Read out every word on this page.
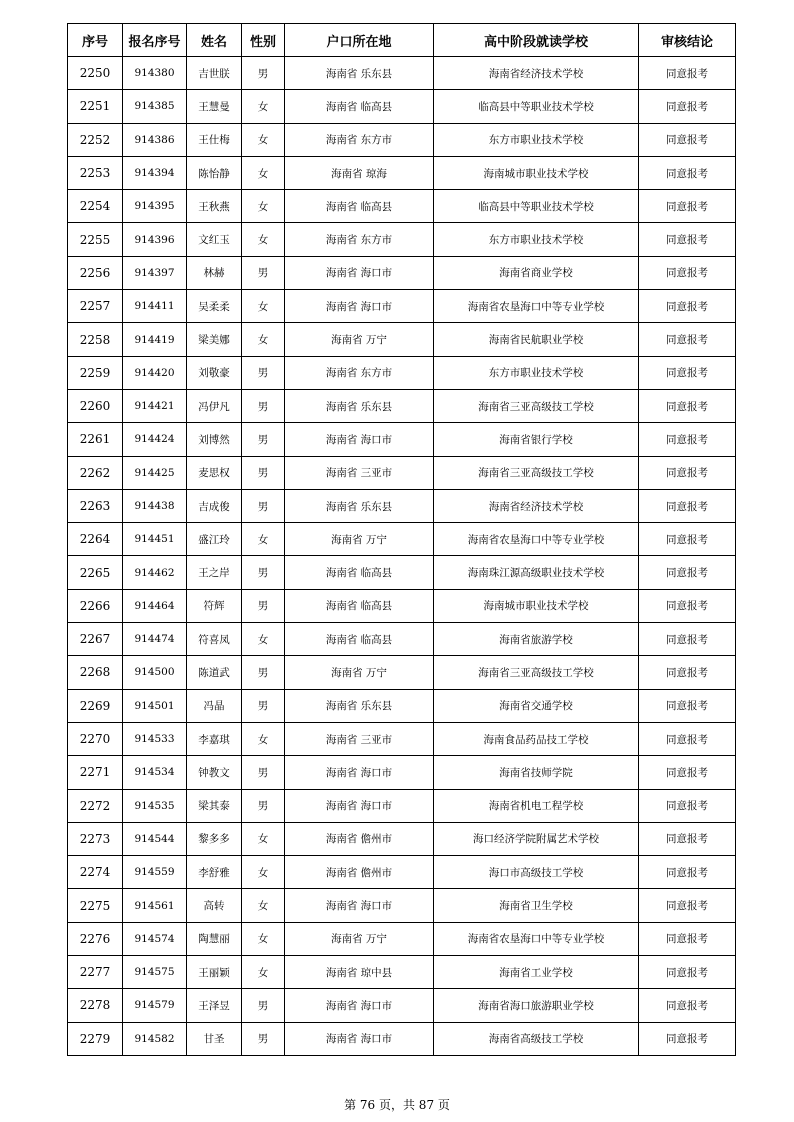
序号	报名序号	姓名	性别	户口所在地	高中阶段就读学校	审核结论
2250	914380	吉世朕	男	海南省 乐东县	海南省经济技术学校	同意报考
2251	914385	王慧曼	女	海南省 临高县	临高县中等职业技术学校	同意报考
2252	914386	王仕梅	女	海南省 东方市	东方市职业技术学校	同意报考
2253	914394	陈怡静	女	海南省 琼海	海南城市职业技术学校	同意报考
2254	914395	王秋燕	女	海南省 临高县	临高县中等职业技术学校	同意报考
2255	914396	文红玉	女	海南省 东方市	东方市职业技术学校	同意报考
2256	914397	林赫	男	海南省 海口市	海南省商业学校	同意报考
2257	914411	吴柔柔	女	海南省 海口市	海南省农垦海口中等专业学校	同意报考
2258	914419	梁美娜	女	海南省 万宁	海南省民航职业学校	同意报考
2259	914420	刘敬豪	男	海南省 东方市	东方市职业技术学校	同意报考
2260	914421	冯伊凡	男	海南省 乐东县	海南省三亚高级技工学校	同意报考
2261	914424	刘博然	男	海南省 海口市	海南省银行学校	同意报考
2262	914425	麦思权	男	海南省 三亚市	海南省三亚高级技工学校	同意报考
2263	914438	吉成俊	男	海南省 乐东县	海南省经济技术学校	同意报考
2264	914451	盛江玲	女	海南省 万宁	海南省农垦海口中等专业学校	同意报考
2265	914462	王之岸	男	海南省 临高县	海南珠江源高级职业技术学校	同意报考
2266	914464	符辉	男	海南省 临高县	海南城市职业技术学校	同意报考
2267	914474	符喜凤	女	海南省 临高县	海南省旅游学校	同意报考
2268	914500	陈道武	男	海南省 万宁	海南省三亚高级技工学校	同意报考
2269	914501	冯晶	男	海南省 乐东县	海南省交通学校	同意报考
2270	914533	李嘉琪	女	海南省 三亚市	海南食品药品技工学校	同意报考
2271	914534	钟教文	男	海南省 海口市	海南省技师学院	同意报考
2272	914535	梁其泰	男	海南省 海口市	海南省机电工程学校	同意报考
2273	914544	黎多多	女	海南省 儋州市	海口经济学院附属艺术学校	同意报考
2274	914559	李舒雅	女	海南省 儋州市	海口市高级技工学校	同意报考
2275	914561	高转	女	海南省 海口市	海南省卫生学校	同意报考
2276	914574	陶慧丽	女	海南省 万宁	海南省农垦海口中等专业学校	同意报考
2277	914575	王丽颖	女	海南省 琼中县	海南省工业学校	同意报考
2278	914579	王泽昱	男	海南省 海口市	海南省海口旅游职业学校	同意报考
2279	914582	甘圣	男	海南省 海口市	海南省高级技工学校	同意报考
第 76 页，共 87 页
